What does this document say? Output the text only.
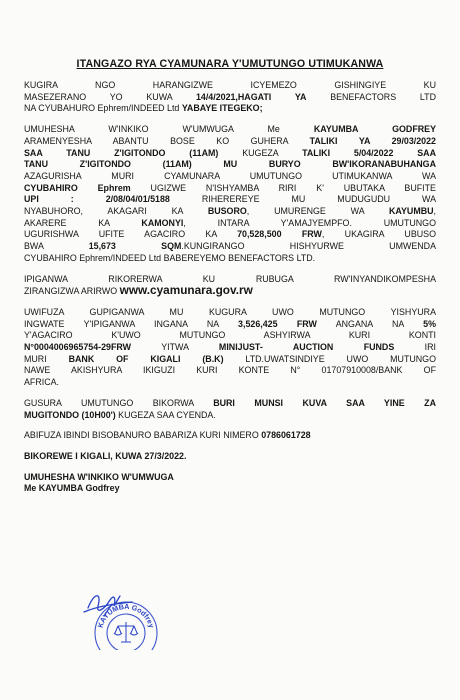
ITANGAZO RYA CYAMUNARA Y'UMUTUNGO UTIMUKANWA
KUGIRA NGO HARANGIZWE ICYEMEZO GISHINGIYE KU
MASEZERANO YO KUWA 14/4/2021,HAGATI YA BENEFACTORS LTD
NA CYUBAHURO Ephrem/INDEED Ltd YABAYE ITEGEKO;
UMUHESHA W'INKIKO W'UMWUGA Me KAYUMBA GODFREY
ARAMENYESHA ABANTU BOSE KO GUHERA TALIKI YA 29/03/2022
SAA TANU Z'IGITONDO (11AM) KUGEZA TALIKI 5/04/2022 SAA
TANU Z'IGITONDO (11AM) MU BURYO BW'IKORANABUHANGA
AZAGURISHA MURI CYAMUNARA UMUTUNGO UTIMUKANWA WA
CYUBAHIRO Ephrem UGIZWE N'ISHYAMBA RIRI K' UBUTAKA BUFITE
UPI : 2/08/04/01/5188 RIHEREREYE MU MUDUGUDU WA
NYABUHORO, AKAGARI KA BUSORO, UMURENGE WA KAYUMBU,
AKARERE KA KAMONYI, INTARA Y'AMAJYEMPFO. UMUTUNGO
UGURISHWA UFITE AGACIRO KA 70,528,500 FRW, UKAGIRA UBUSO
BWA 15,673 SQM.KUNGIRANGO HISHYURWE UMWENDA
CYUBAHIRO Ephrem/INDEED Ltd BABEREYEMO BENEFACTORS LTD.
IPIGANWA RIKORERWA KU RUBUGA RW'INYANDIKOMPESHA
ZIRANGIZWA ARIRWO www.cyamunara.gov.rw
UWIFUZA GUPIGANWA MU KUGURA UWO MUTUNGO YISHYURA
INGWATE Y'IPIGANWA INGANA NA 3,526,425 FRW ANGANA NA 5%
Y'AGACIRO K'UWO MUTUNGO ASHYIRWA KURI KONTI
N°0004006965754-29FRW YITWA MINIJUST- AUCTION FUNDS IRI
MURI BANK OF KIGALI (B.K) LTD.UWATSINDIYE UWO MUTUNGO
NAWE AKISHYURA IKIGUZI KURI KONTE N° 01707910008/BANK OF
AFRICA.
GUSURA UMUTUNGO BIKORWA BURI MUNSI KUVA SAA YINE ZA
MUGITONDO (10H00') KUGEZA SAA CYENDA.
ABIFUZA IBINDI BISOBANURO BABARIZA KURI NIMERO 0786061728
BIKOREWE I KIGALI, KUWA 27/3/2022.
UMUHESHA W'INKIKO W'UMWUGA
Me KAYUMBA Godfrey
KAYUMBA Godfrey
